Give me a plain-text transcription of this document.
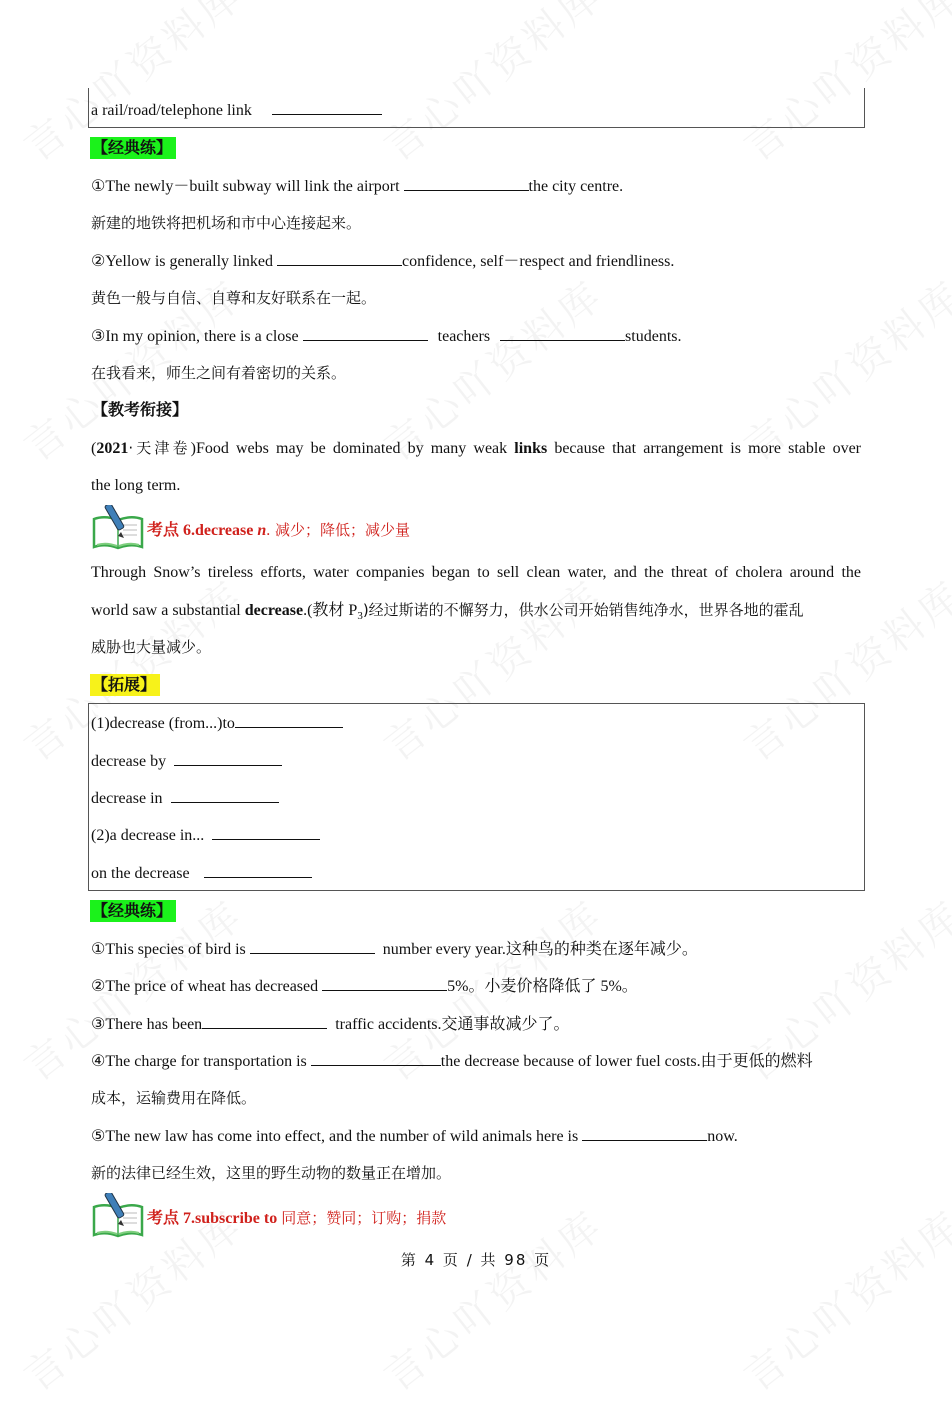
a rail/road/telephone link
【经典练】
①The newly－built subway will link the airport	the city centre.
新建的地铁将把机场和市中心连接起来。
②Yellow is generally linked	confidence, self－respect and friendliness.
黄色一般与自信、自尊和友好联系在一起。
③In my opinion, there is a close	teachers	students.
在我看来，师生之间有着密切的关系。
【教考衔接】
(2021·天津卷)Food webs may be dominated by many weak links because that arrangement is more stable over
the long term.
考点 6.decrease n. 减少；降低；减少量
Through Snow’s tireless efforts, water companies began to sell clean water, and the threat of cholera around the
world saw a substantial decrease.(教材 $P_3$)经过斯诺的不懈努力，供水公司开始销售纯净水，世界各地的霍乱
威胁也大量减少。
【拓展】
(1)decrease (from...)to
decrease by
decrease in
(2)a decrease in...
on the decrease
【经典练】
①This species of bird is	number every year.这种鸟的种类在逐年减少。
②The price of wheat has decreased	5%。小麦价格降低了 5%。
③There has been	traffic accidents.交通事故减少了。
④The charge for transportation is	the decrease because of lower fuel costs.由于更低的燃料
成本，运输费用在降低。
⑤The new law has come into effect, and the number of wild animals here is	now.
新的法律已经生效，这里的野生动物的数量正在增加。
考点 7.subscribe to 同意；赞同；订购；捐款
第 4 页 / 共 98 页
